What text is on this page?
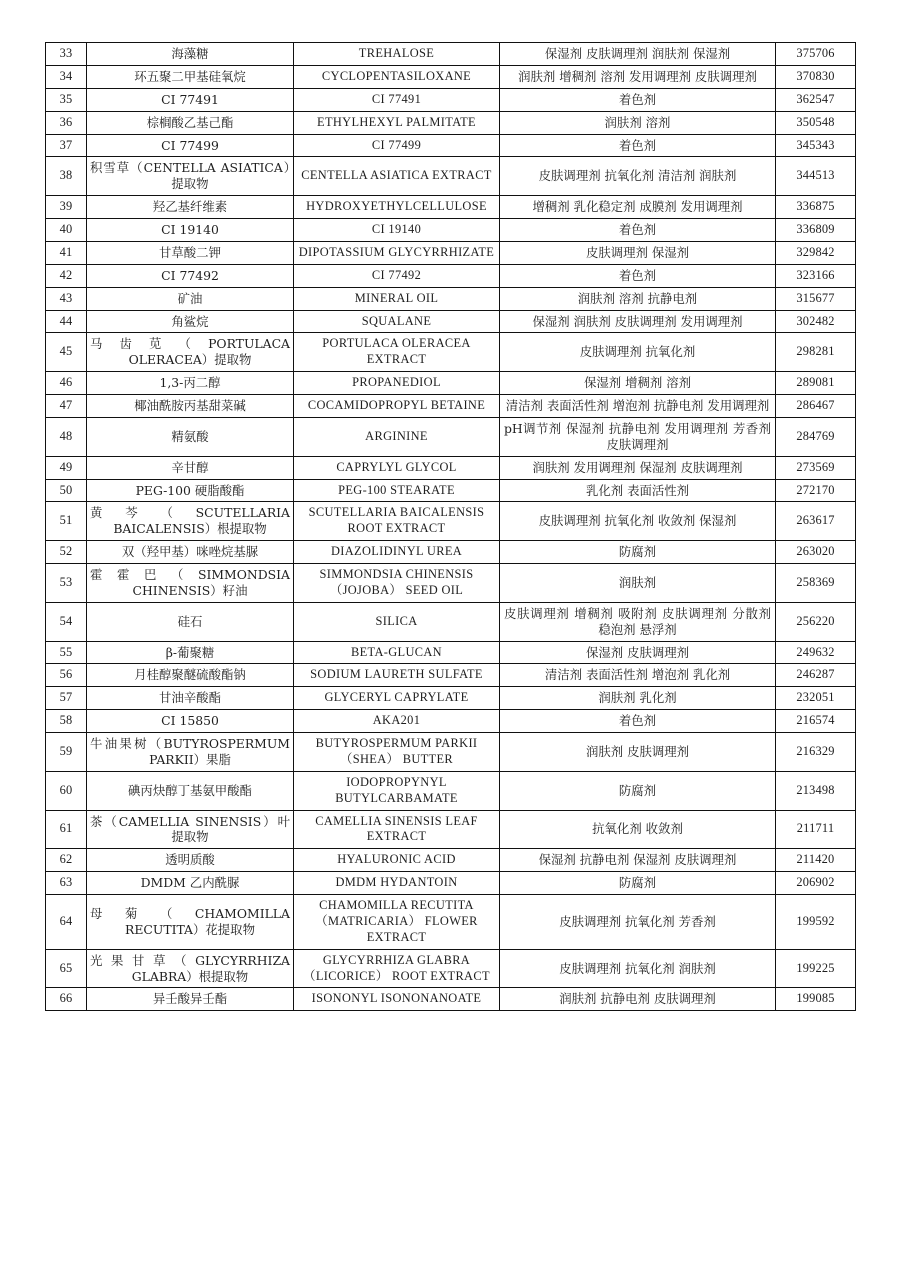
33	海藻糖	TREHALOSE	保湿剂 皮肤调理剂 润肤剂 保湿剂	375706
34	环五聚二甲基硅氧烷	CYCLOPENTASILOXANE	润肤剂 增稠剂 溶剂 发用调理剂 皮肤调理剂	370830
35	CI 77491	CI 77491	着色剂	362547
36	棕榈酸乙基己酯	ETHYLHEXYL PALMITATE	润肤剂 溶剂	350548
37	CI 77499	CI 77499	着色剂	345343
38	积雪草（CENTELLA ASIATICA）提取物	CENTELLA ASIATICA EXTRACT	皮肤调理剂 抗氧化剂 清洁剂 润肤剂	344513
39	羟乙基纤维素	HYDROXYETHYLCELLULOSE	增稠剂 乳化稳定剂 成膜剂 发用调理剂	336875
40	CI 19140	CI 19140	着色剂	336809
41	甘草酸二钾	DIPOTASSIUM GLYCYRRHIZATE	皮肤调理剂 保湿剂	329842
42	CI 77492	CI 77492	着色剂	323166
43	矿油	MINERAL OIL	润肤剂 溶剂 抗静电剂	315677
44	角鲨烷	SQUALANE	保湿剂 润肤剂 皮肤调理剂 发用调理剂	302482
45	马齿苋（PORTULACA OLERACEA）提取物	PORTULACA OLERACEA EXTRACT	皮肤调理剂 抗氧化剂	298281
46	1,3-丙二醇	PROPANEDIOL	保湿剂 增稠剂 溶剂	289081
47	椰油酰胺丙基甜菜碱	COCAMIDOPROPYL BETAINE	清洁剂 表面活性剂 增泡剂 抗静电剂 发用调理剂	286467
48	精氨酸	ARGININE	pH调节剂 保湿剂 抗静电剂 发用调理剂 芳香剂 皮肤调理剂	284769
49	辛甘醇	CAPRYLYL GLYCOL	润肤剂 发用调理剂 保湿剂 皮肤调理剂	273569
50	PEG-100 硬脂酸酯	PEG-100 STEARATE	乳化剂 表面活性剂	272170
51	黄芩（SCUTELLARIA BAICALENSIS）根提取物	SCUTELLARIA BAICALENSIS ROOT EXTRACT	皮肤调理剂 抗氧化剂 收敛剂 保湿剂	263617
52	双（羟甲基）咪唑烷基脲	DIAZOLIDINYL UREA	防腐剂	263020
53	霍霍巴（SIMMONDSIA CHINENSIS）籽油	SIMMONDSIA CHINENSIS （JOJOBA） SEED OIL	润肤剂	258369
54	硅石	SILICA	皮肤调理剂 增稠剂 吸附剂 皮肤调理剂 分散剂 稳泡剂 悬浮剂	256220
55	β-葡聚糖	BETA-GLUCAN	保湿剂 皮肤调理剂	249632
56	月桂醇聚醚硫酸酯钠	SODIUM LAURETH SULFATE	清洁剂 表面活性剂 增泡剂 乳化剂	246287
57	甘油辛酸酯	GLYCERYL CAPRYLATE	润肤剂 乳化剂	232051
58	CI 15850	AKA201	着色剂	216574
59	牛油果树（BUTYROSPERMUM PARKII）果脂	BUTYROSPERMUM PARKII （SHEA） BUTTER	润肤剂 皮肤调理剂	216329
60	碘丙炔醇丁基氨甲酸酯	IODOPROPYNYL BUTYLCARBAMATE	防腐剂	213498
61	茶（CAMELLIA SINENSIS）叶提取物	CAMELLIA SINENSIS LEAF EXTRACT	抗氧化剂 收敛剂	211711
62	透明质酸	HYALURONIC ACID	保湿剂 抗静电剂 保湿剂 皮肤调理剂	211420
63	DMDM 乙内酰脲	DMDM HYDANTOIN	防腐剂	206902
64	母菊（CHAMOMILLA RECUTITA）花提取物	CHAMOMILLA RECUTITA （MATRICARIA） FLOWER EXTRACT	皮肤调理剂 抗氧化剂 芳香剂	199592
65	光果甘草（GLYCYRRHIZA GLABRA）根提取物	GLYCYRRHIZA GLABRA （LICORICE） ROOT EXTRACT	皮肤调理剂 抗氧化剂 润肤剂	199225
66	异壬酸异壬酯	ISONONYL ISONONANOATE	润肤剂 抗静电剂 皮肤调理剂	199085
